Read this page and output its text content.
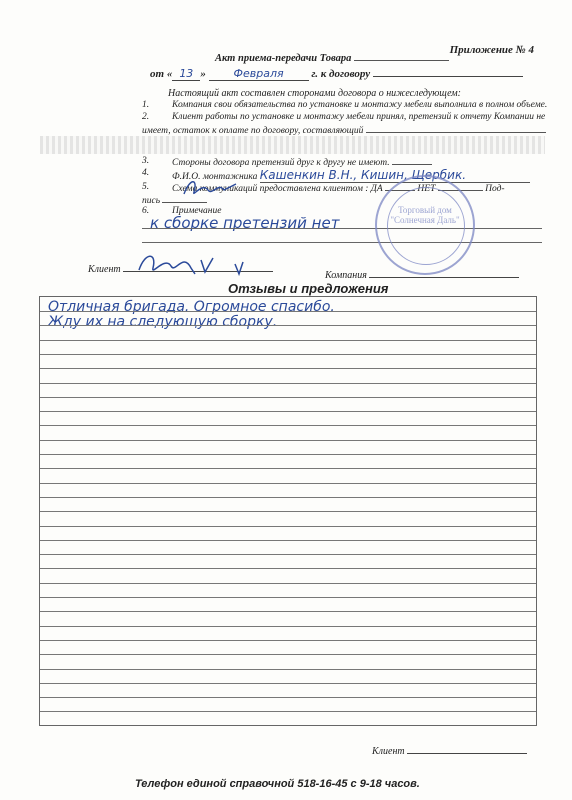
Приложение № 4
Акт приема-передачи Товара
от « 13 » Февраля	г. к договору
Настоящий акт составлен сторонами договора о нижеследующем:
1. Компания свои обязательства по установке и монтажу мебели выполнила в полном объеме.
2. Клиент работы по установке и монтажу мебели принял, претензий к отчету Компании не
имеет, остаток к оплате по договору, составляющий
3. Стороны договора претензий друг к другу не имеют.
4. Ф.И.О. монтажника Кашенкин В.Н., Кишин, Щербик.
5. Схема коммуникаций предоставлена клиентом : ДА	НЕТ	Под-
пись
6. Примечание
к сборке претензий нет
Торговый дом
"Солнечная Даль"
Клиент
Компания
Отзывы и предложения
Отличная бригада. Огромное спасибо.
Жду их на следующую сборку.
Клиент
Телефон единой справочной 518-16-45 с 9-18 часов.
